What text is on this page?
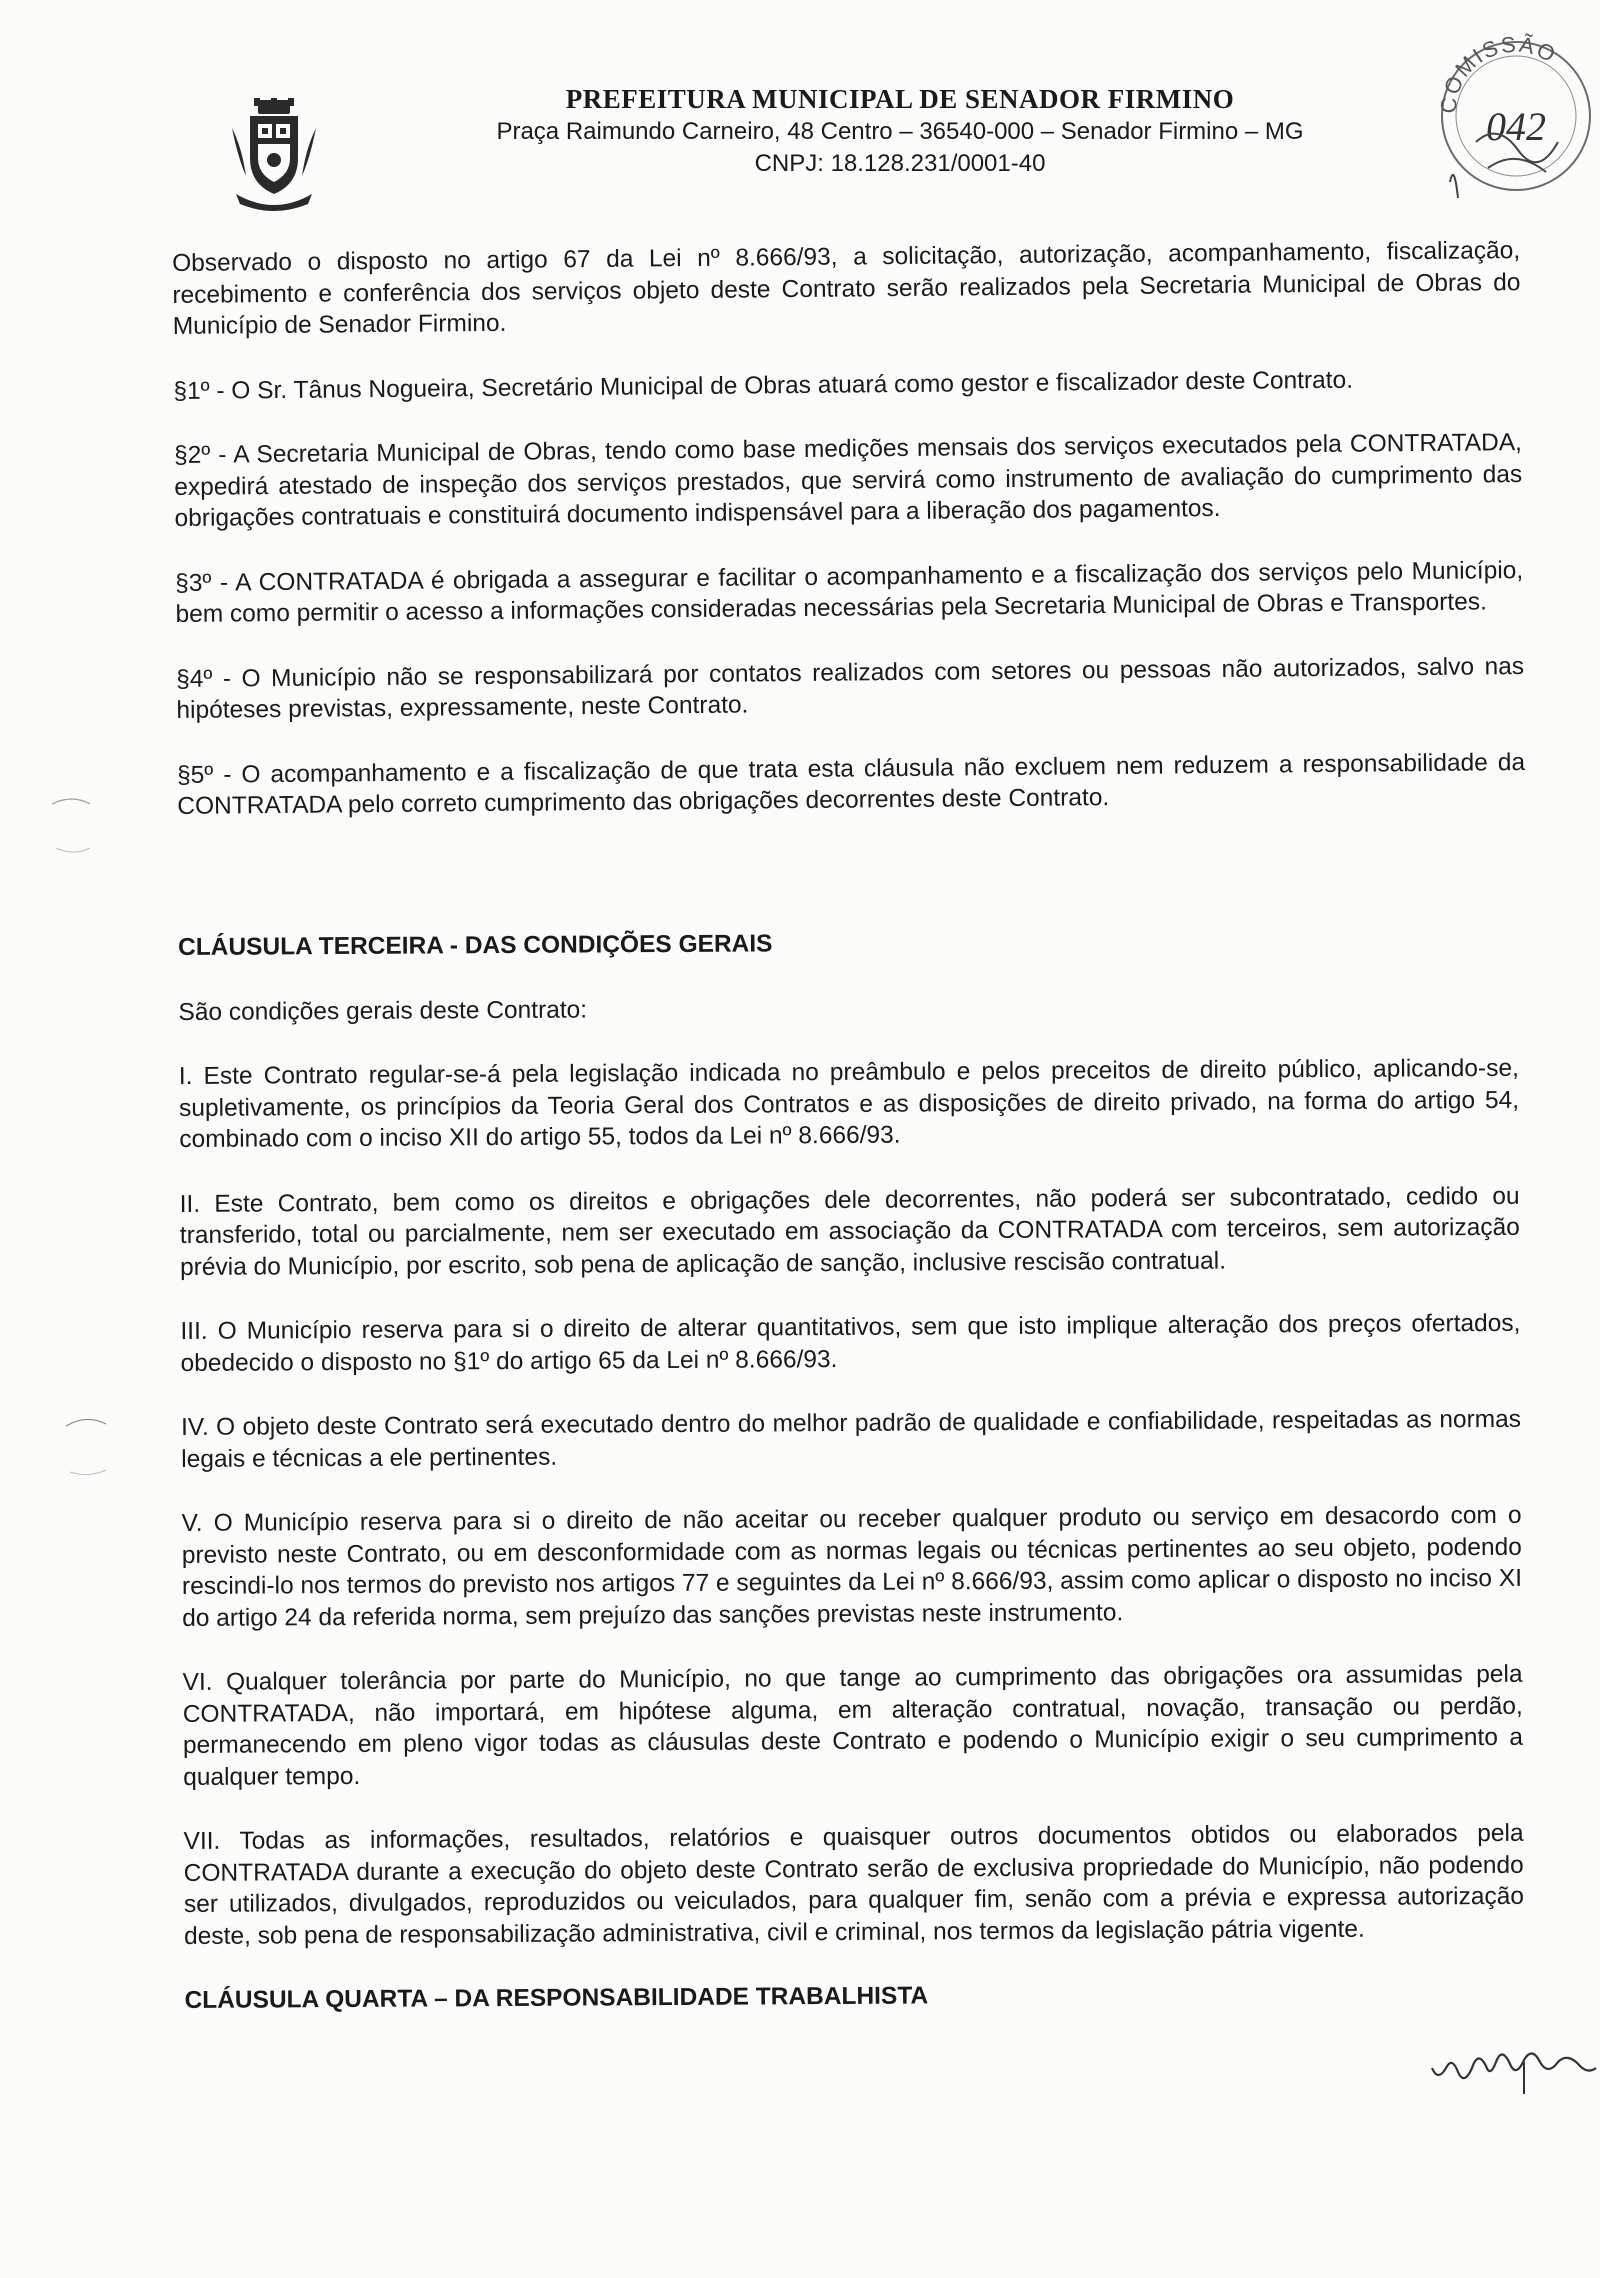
PREFEITURA MUNICIPAL DE SENADOR FIRMINO
Praça Raimundo Carneiro, 48 Centro – 36540-000 – Senador Firmino – MG
CNPJ: 18.128.231/0001-40
COMISSÃO
042

Observado o disposto no artigo 67 da Lei nº 8.666/93, a solicitação, autorização, acompanhamento, fiscalização, recebimento e conferência dos serviços objeto deste Contrato serão realizados pela Secretaria Municipal de Obras do Município de Senador Firmino.

§1º - O Sr. Tânus Nogueira, Secretário Municipal de Obras atuará como gestor e fiscalizador deste Contrato.

§2º - A Secretaria Municipal de Obras, tendo como base medições mensais dos serviços executados pela CONTRATADA, expedirá atestado de inspeção dos serviços prestados, que servirá como instrumento de avaliação do cumprimento das obrigações contratuais e constituirá documento indispensável para a liberação dos pagamentos.

§3º - A CONTRATADA é obrigada a assegurar e facilitar o acompanhamento e a fiscalização dos serviços pelo Município, bem como permitir o acesso a informações consideradas necessárias pela Secretaria Municipal de Obras e Transportes.

§4º - O Município não se responsabilizará por contatos realizados com setores ou pessoas não autorizados, salvo nas hipóteses previstas, expressamente, neste Contrato.

§5º - O acompanhamento e a fiscalização de que trata esta cláusula não excluem nem reduzem a responsabilidade da CONTRATADA pelo correto cumprimento das obrigações decorrentes deste Contrato.

CLÁUSULA TERCEIRA - DAS CONDIÇÕES GERAIS

São condições gerais deste Contrato:

I. Este Contrato regular-se-á pela legislação indicada no preâmbulo e pelos preceitos de direito público, aplicando-se, supletivamente, os princípios da Teoria Geral dos Contratos e as disposições de direito privado, na forma do artigo 54, combinado com o inciso XII do artigo 55, todos da Lei nº 8.666/93.

II. Este Contrato, bem como os direitos e obrigações dele decorrentes, não poderá ser subcontratado, cedido ou transferido, total ou parcialmente, nem ser executado em associação da CONTRATADA com terceiros, sem autorização prévia do Município, por escrito, sob pena de aplicação de sanção, inclusive rescisão contratual.

III. O Município reserva para si o direito de alterar quantitativos, sem que isto implique alteração dos preços ofertados, obedecido o disposto no §1º do artigo 65 da Lei nº 8.666/93.

IV. O objeto deste Contrato será executado dentro do melhor padrão de qualidade e confiabilidade, respeitadas as normas legais e técnicas a ele pertinentes.

V. O Município reserva para si o direito de não aceitar ou receber qualquer produto ou serviço em desacordo com o previsto neste Contrato, ou em desconformidade com as normas legais ou técnicas pertinentes ao seu objeto, podendo rescindi-lo nos termos do previsto nos artigos 77 e seguintes da Lei nº 8.666/93, assim como aplicar o disposto no inciso XI do artigo 24 da referida norma, sem prejuízo das sanções previstas neste instrumento.

VI. Qualquer tolerância por parte do Município, no que tange ao cumprimento das obrigações ora assumidas pela CONTRATADA, não importará, em hipótese alguma, em alteração contratual, novação, transação ou perdão, permanecendo em pleno vigor todas as cláusulas deste Contrato e podendo o Município exigir o seu cumprimento a qualquer tempo.

VII. Todas as informações, resultados, relatórios e quaisquer outros documentos obtidos ou elaborados pela CONTRATADA durante a execução do objeto deste Contrato serão de exclusiva propriedade do Município, não podendo ser utilizados, divulgados, reproduzidos ou veiculados, para qualquer fim, senão com a prévia e expressa autorização deste, sob pena de responsabilização administrativa, civil e criminal, nos termos da legislação pátria vigente.

CLÁUSULA QUARTA – DA RESPONSABILIDADE TRABALHISTA
